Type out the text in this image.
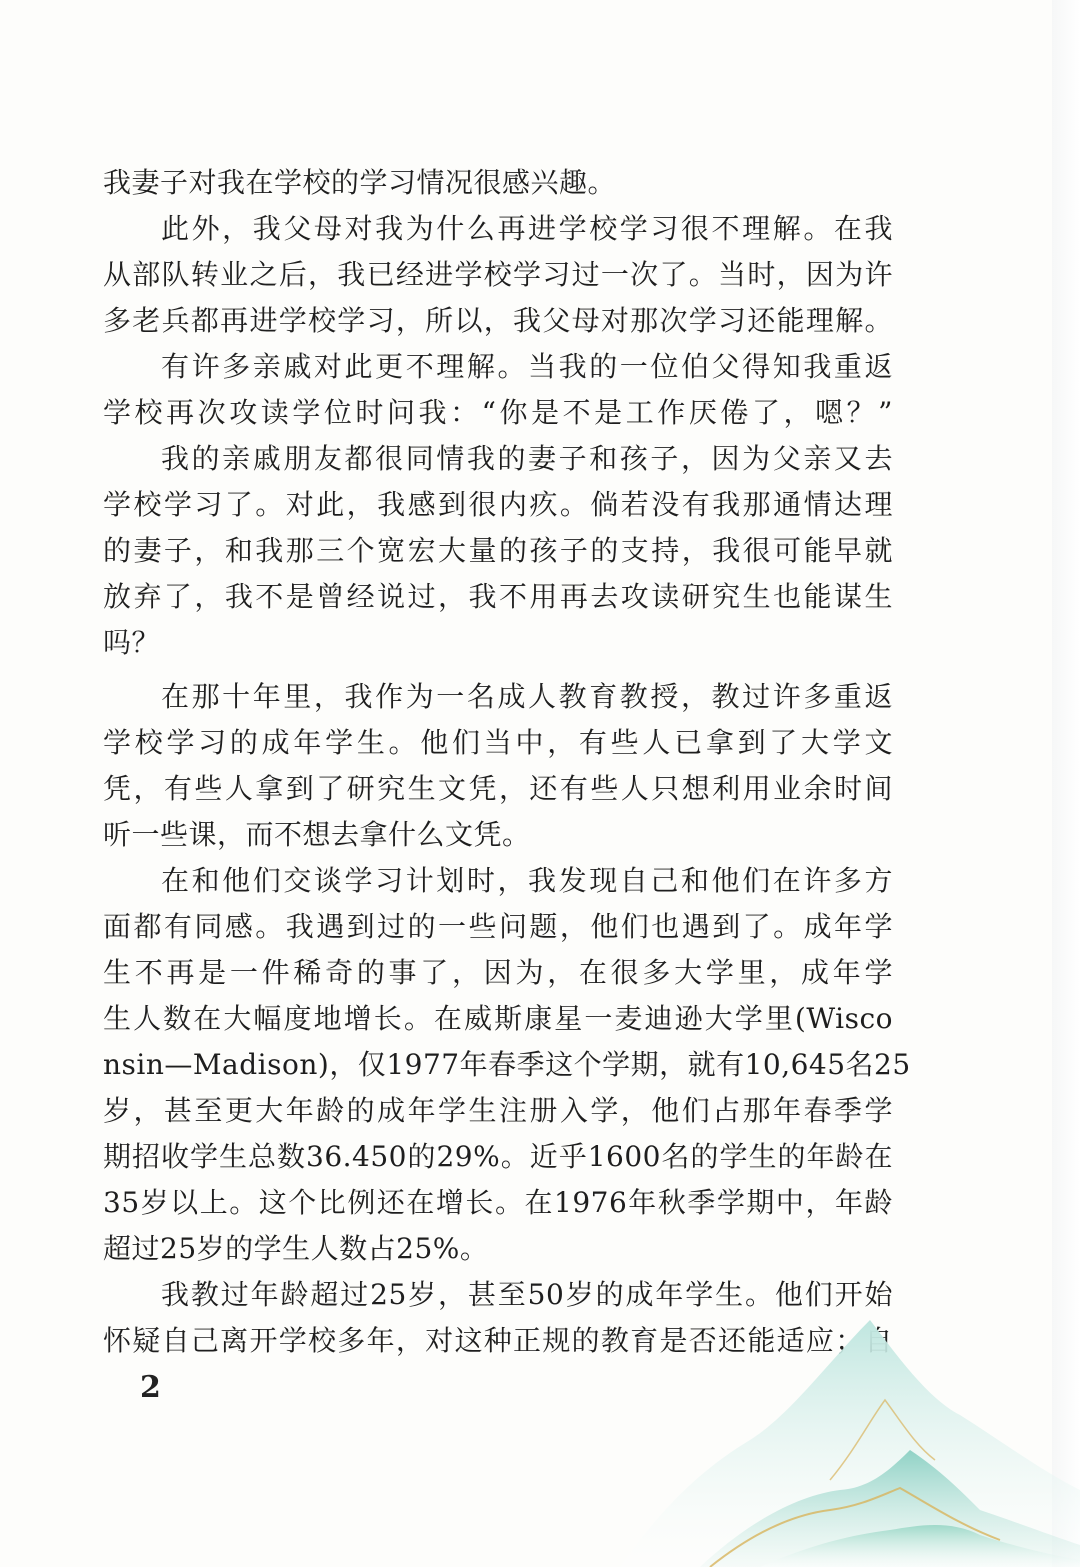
我妻子对我在学校的学习情况很感兴趣。
此外，我父母对我为什么再进学校学习很不理解。在我
从部队转业之后，我已经进学校学习过一次了。当时，因为许
多老兵都再进学校学习，所以，我父母对那次学习还能理解。
有许多亲戚对此更不理解。当我的一位伯父得知我重返
学校再次攻读学位时问我：“你是不是工作厌倦了，嗯？”
我的亲戚朋友都很同情我的妻子和孩子，因为父亲又去
学校学习了。对此，我感到很内疚。倘若没有我那通情达理
的妻子，和我那三个宽宏大量的孩子的支持，我很可能早就
放弃了，我不是曾经说过，我不用再去攻读研究生也能谋生
吗？
在那十年里，我作为一名成人教育教授，教过许多重返
学校学习的成年学生。他们当中，有些人已拿到了大学文
凭，有些人拿到了研究生文凭，还有些人只想利用业余时间
听一些课，而不想去拿什么文凭。
在和他们交谈学习计划时，我发现自己和他们在许多方
面都有同感。我遇到过的一些问题，他们也遇到了。成年学
生不再是一件稀奇的事了，因为，在很多大学里，成年学
生人数在大幅度地增长。在威斯康星一麦迪逊大学里(Wisco
nsin—Madison)，仅1977年春季这个学期，就有10,645名25
岁，甚至更大年龄的成年学生注册入学，他们占那年春季学
期招收学生总数36.450的29%。近乎1600名的学生的年龄在
35岁以上。这个比例还在增长。在1976年秋季学期中，年龄
超过25岁的学生人数占25%。
我教过年龄超过25岁，甚至50岁的成年学生。他们开始
怀疑自己离开学校多年，对这种正规的教育是否还能适应；自
2
